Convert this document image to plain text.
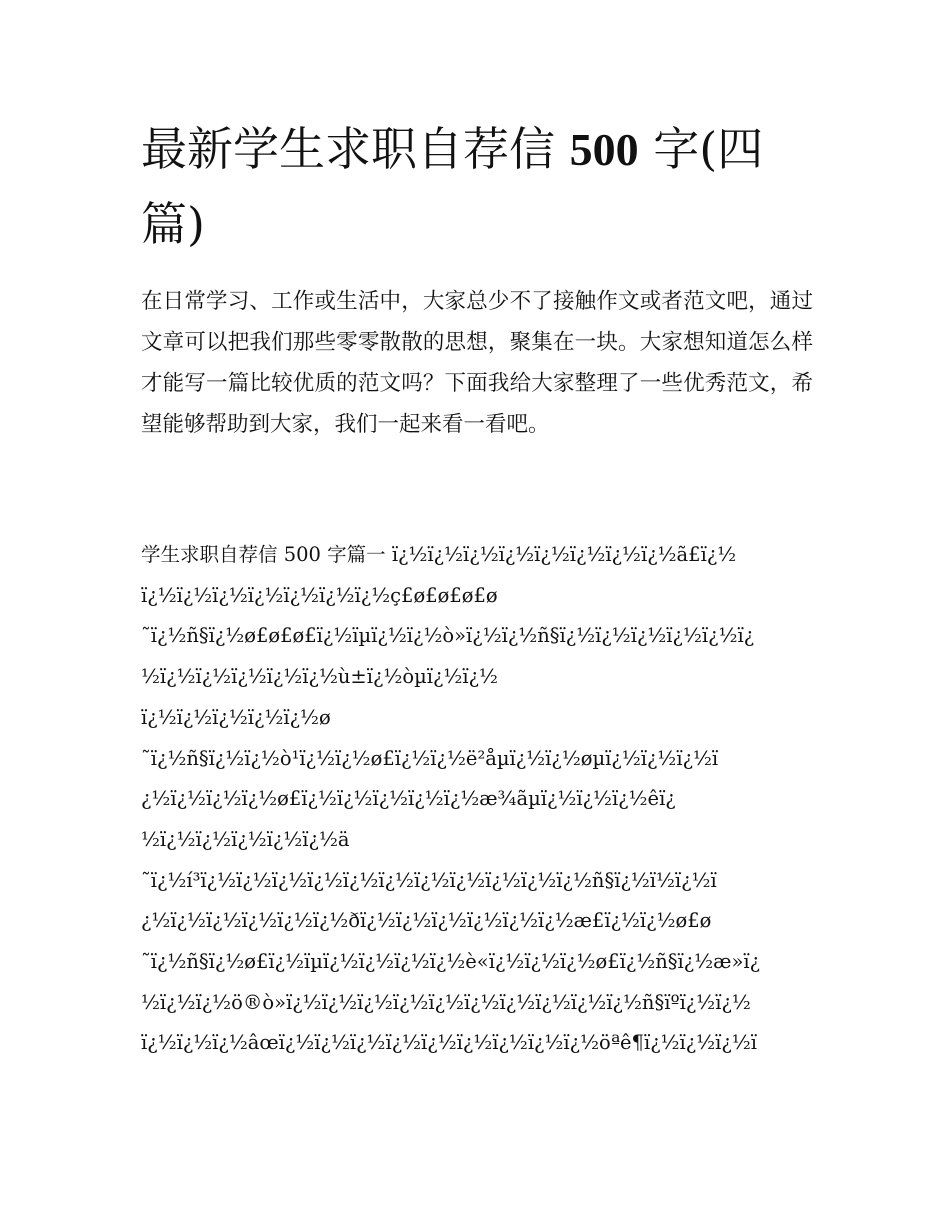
最新学生求职自荐信 500 字(四篇)

在日常学习、工作或生活中，大家总少不了接触作文或者范文吧，通过文章可以把我们那些零零散散的思想，聚集在一块。大家想知道怎么样才能写一篇比较优质的范文吗？下面我给大家整理了一些优秀范文，希望能够帮助到大家，我们一起来看一看吧。

学生求职自荐信 500 字篇一 ï¿½ï¿½ï¿½ï¿½ï¿½ï¿½ï¿½ï¿½ã£ï¿½
ï¿½ï¿½ï¿½ï¿½ï¿½ï¿½ï¿½ç£ø£ø£ø£ø
˜ï¿½ñ§ï¿½ø£ø£ø£ï¿½ïµï¿½ï¿½ò»ï¿½ï¿½ñ§ï¿½ï¿½ï¿½ï¿½ï¿½ï¿
½ï¿½ï¿½ï¿½ï¿½ï¿½ù±ï¿½òµï¿½ï¿½
ï¿½ï¿½ï¿½ï¿½ï¿½ø
˜ï¿½ñ§ï¿½ï¿½ò¹ï¿½ï¿½ø£ï¿½ï¿½ë²åµï¿½ï¿½øµï¿½ï¿½ï¿½ï
¿½ï¿½ï¿½ï¿½ø£ï¿½ï¿½ï¿½ï¿½ï¿½æ¾ãµï¿½ï¿½ï¿½êï¿
½ï¿½ï¿½ï¿½ï¿½ï¿½ä
˜ï¿½í³ï¿½ï¿½ï¿½ï¿½ï¿½ï¿½ï¿½ï¿½ï¿½ï¿½ï¿½ñ§ï¿½ï½ï¿½ï
¿½ï¿½ï¿½ï¿½ï¿½ï¿½ðï¿½ï¿½ï¿½ï¿½ï¿½ï¿½æ£ï¿½ï¿½ø£ø
˜ï¿½ñ§ï¿½ø£ï¿½ïµï¿½ï¿½ï¿½ï¿½è«ï¿½ï¿½ï¿½ø£ï¿½ñ§ï¿½æ»ï¿
½ï¿½ï¿½ö®ò»ï¿½ï¿½ï¿½ï¿½ï¿½ï¿½ï¿½ï¿½ï¿½ï¿½ñ§ïºï¿½ï¿½
ï¿½ï¿½ï¿½âœï¿½ï¿½ï¿½ï¿½ï¿½ï¿½ï¿½ï¿½ï¿½öªê¶ï¿½ï¿½ï¿½ï
